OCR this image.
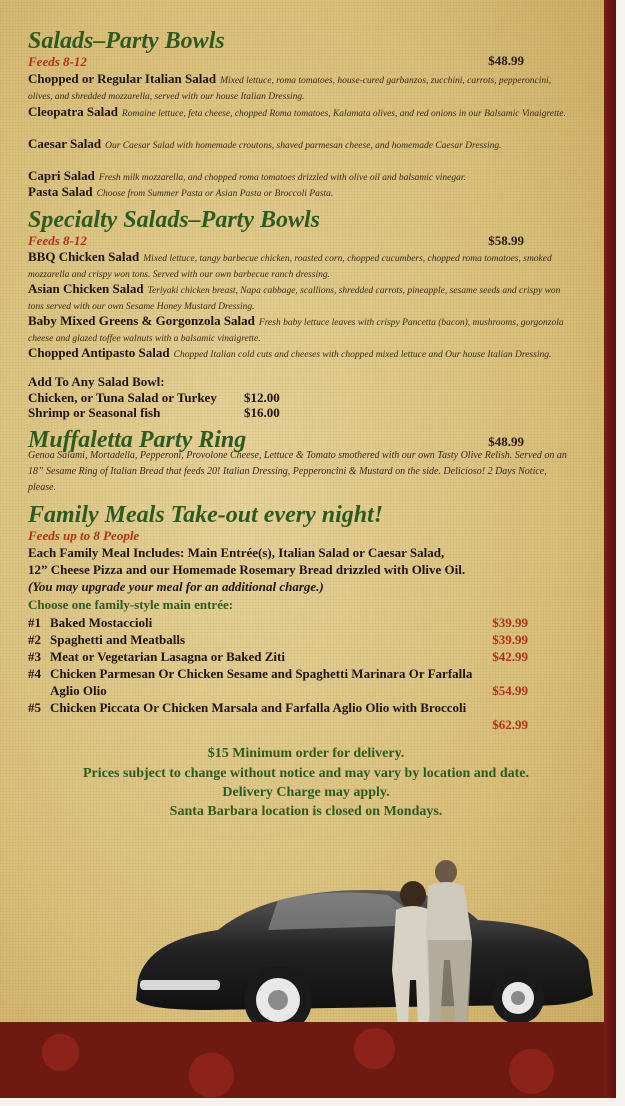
Salads–Party Bowls
Feeds 8-12	$48.99
Chopped or Regular Italian Salad Mixed lettuce, roma tomatoes, house-cured garbanzos, zucchini, carrots, pepperoncini, olives, and shredded mozzarella, served with our house Italian Dressing.
Cleopatra Salad Romaine lettuce, feta cheese, chopped Roma tomatoes, Kalamata olives, and red onions in our Balsamic Vinaigrette.
Caesar Salad Our Caesar Salad with homemade croutons, shaved parmesan cheese, and homemade Caesar Dressing.
Capri Salad Fresh milk mozzarella, and chopped roma tomatoes drizzled with olive oil and balsamic vinegar.
Pasta Salad Choose from Summer Pasta or Asian Pasta or Broccoli Pasta.
Specialty Salads–Party Bowls
Feeds 8-12	$58.99
BBQ Chicken Salad Mixed lettuce, tangy barbecue chicken, roasted corn, chopped cucumbers, chopped roma tomatoes, smoked mozzarella and crispy won tons. Served with our own barbecue ranch dressing.
Asian Chicken Salad Teriyaki chicken breast, Napa cabbage, scallions, shredded carrots, pineapple, sesame seeds and crispy won tons served with our own Sesame Honey Mustard Dressing.
Baby Mixed Greens & Gorgonzola Salad Fresh baby lettuce leaves with crispy Pancetta (bacon), mushrooms, gorgonzola cheese and glazed toffee walnuts with a balsamic vinaigrette.
Chopped Antipasto Salad Chopped Italian cold cuts and cheeses with chopped mixed lettuce and Our house Italian Dressing.
Add To Any Salad Bowl:
Chicken, or Tuna Salad or Turkey $12.00
Shrimp or Seasonal fish	$16.00
Muffaletta Party Ring	$48.99
Genoa Salami, Mortadella, Pepperoni, Provolone Cheese, Lettuce & Tomato smothered with our own Tasty Olive Relish. Served on an 18” Sesame Ring of Italian Bread that feeds 20! Italian Dressing, Pepperoncini & Mustard on the side. Delicioso! 2 Days Notice, please.
Family Meals Take-out every night!
Feeds up to 8 People
Each Family Meal Includes: Main Entrée(s), Italian Salad or Caesar Salad,
12” Cheese Pizza and our Homemade Rosemary Bread drizzled with Olive Oil.
(You may upgrade your meal for an additional charge.)
Choose one family-style main entrée:
#1 Baked Mostaccioli	$39.99
#2 Spaghetti and Meatballs	$39.99
#3 Meat or Vegetarian Lasagna or Baked Ziti	$42.99
#4 Chicken Parmesan Or Chicken Sesame and Spaghetti Marinara Or Farfalla Aglio Olio	$54.99
#5 Chicken Piccata Or Chicken Marsala and Farfalla Aglio Olio with Broccoli
$62.99
$15 Minimum order for delivery.
Prices subject to change without notice and may vary by location and date.
Delivery Charge may apply.
Santa Barbara location is closed on Mondays.
